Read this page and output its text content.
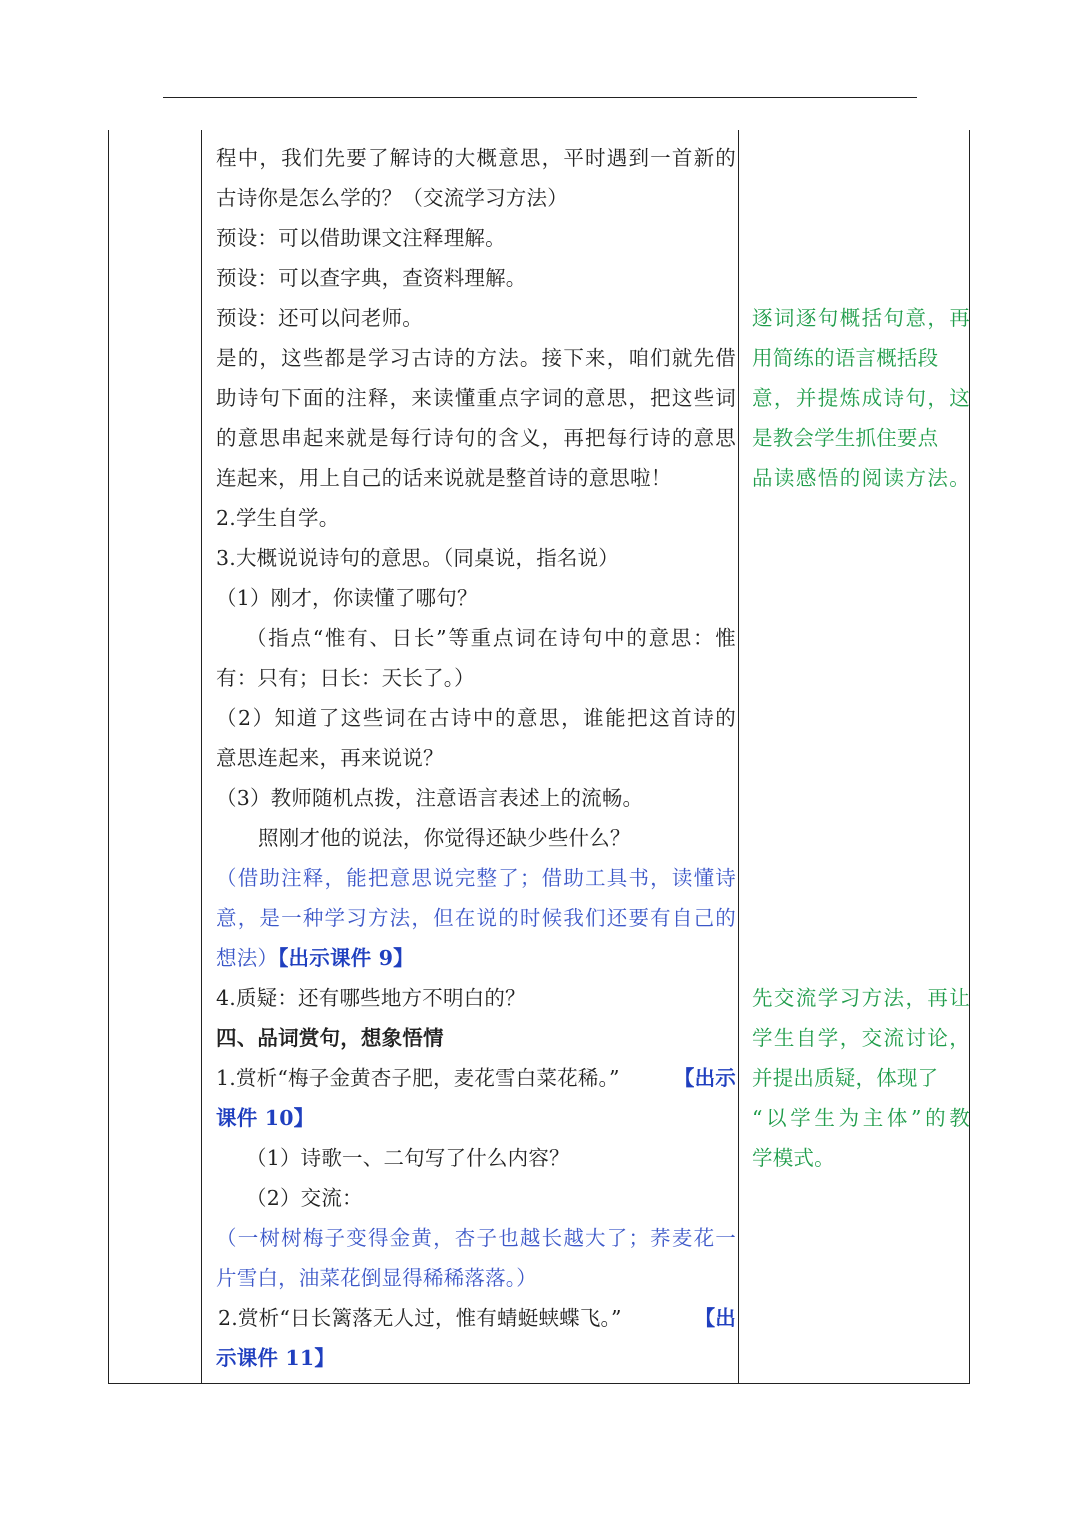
程中，我们先要了解诗的大概意思，平时遇到一首新的
古诗你是怎么学的？（交流学习方法）
预设：可以借助课文注释理解。
预设：可以查字典，查资料理解。
预设：还可以问老师。
是的，这些都是学习古诗的方法。接下来，咱们就先借
助诗句下面的注释，来读懂重点字词的意思，把这些词
的意思串起来就是每行诗句的含义，再把每行诗的意思
连起来，用上自己的话来说就是整首诗的意思啦！
2.学生自学。
3.大概说说诗句的意思。（同桌说，指名说）
（1）刚才，你读懂了哪句？
（指点“惟有、日长”等重点词在诗句中的意思：惟
有：只有；日长：天长了。）
（2）知道了这些词在古诗中的意思，谁能把这首诗的
意思连起来，再来说说？
（3）教师随机点拨，注意语言表述上的流畅。
照刚才他的说法，你觉得还缺少些什么？
（借助注释，能把意思说完整了；借助工具书，读懂诗
意，是一种学习方法，但在说的时候我们还要有自己的
想法）【出示课件 9】
4.质疑：还有哪些地方不明白的？
四、品词赏句，想象悟情
1.赏析“梅子金黄杏子肥，麦花雪白菜花稀。”	【出示
课件 10】
（1）诗歌一、二句写了什么内容？
（2）交流：
（一树树梅子变得金黄，杏子也越长越大了；荞麦花一
片雪白，油菜花倒显得稀稀落落。）
2.赏析“日长篱落无人过，惟有蜻蜓蛱蝶飞。”	【出
示课件 11】
逐词逐句概括句意，再
用简练的语言概括段
意，并提炼成诗句，这
是教会学生抓住要点
品读感悟的阅读方法。
先交流学习方法，再让
学生自学，交流讨论，
并提出质疑，体现了
“以学生为主体”的教
学模式。
